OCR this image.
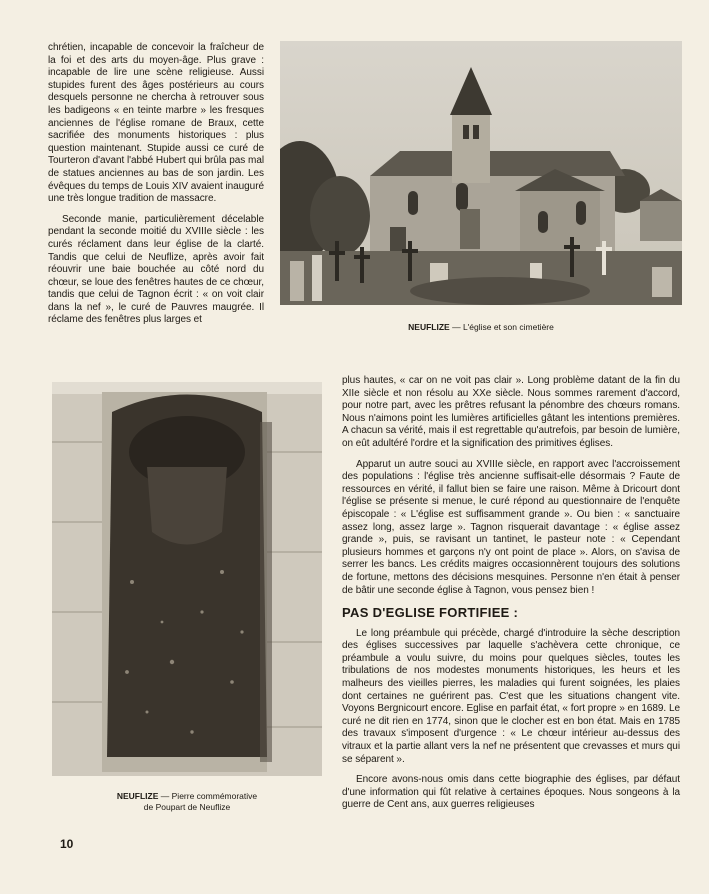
chrétien, incapable de concevoir la fraîcheur de la foi et des arts du moyen-âge. Plus grave : incapable de lire une scène religieuse. Aussi stupides furent des âges postérieurs au cours desquels personne ne chercha à retrouver sous les badigeons « en teinte marbre » les fresques anciennes de l'église romane de Braux, cette sacrifiée des monuments historiques : plus question maintenant. Stupide aussi ce curé de Tourteron d'avant l'abbé Hubert qui brûla pas mal de statues anciennes au bas de son jardin. Les évêques du temps de Louis XIV avaient inauguré une très longue tradition de massacre.

Seconde manie, particulièrement décelable pendant la seconde moitié du XVIIIe siècle : les curés réclament dans leur église de la clarté. Tandis que celui de Neuflize, après avoir fait réouvrir une baie bouchée au côté nord du chœur, se loue des fenêtres hautes de ce chœur, tandis que celui de Tagnon écrit : « on voit clair dans la nef », le curé de Pauvres maugrée. Il réclame des fenêtres plus larges et

NEUFLIZE — L'église et son cimetière
NEUFLIZE — Pierre commémorative
de Poupart de Neuflize

plus hautes, « car on ne voit pas clair ». Long problème datant de la fin du XIIe siècle et non résolu au XXe siècle. Nous sommes rarement d'accord, pour notre part, avec les prêtres refusant la pénombre des chœurs romans. Nous n'aimons point les lumières artificielles gâtant les intentions premières. A chacun sa vérité, mais il est regrettable qu'autrefois, par besoin de lumière, on eût adultéré l'ordre et la signification des primitives églises.

Apparut un autre souci au XVIIIe siècle, en rapport avec l'accroissement des populations : l'église très ancienne suffisait-elle désormais ? Faute de ressources en vérité, il fallut bien se faire une raison. Même à Dricourt dont l'église se présente si menue, le curé répond au questionnaire de l'enquête épiscopale : « L'église est suffisamment grande ». Ou bien : « sanctuaire assez long, assez large ». Tagnon risquerait davantage : « église assez grande », puis, se ravisant un tantinet, le pasteur note : « Cependant plusieurs hommes et garçons n'y ont point de place ». Alors, on s'avisa de serrer les bancs. Les crédits maigres occasionnèrent toujours des solutions de fortune, mettons des décisions mesquines. Personne n'en était à penser de bâtir une seconde église à Tagnon, vous pensez bien !

PAS D'EGLISE FORTIFIEE :

Le long préambule qui précède, chargé d'introduire la sèche description des églises successives par laquelle s'achèvera cette chronique, ce préambule a voulu suivre, du moins pour quelques siècles, toutes les tribulations de nos modestes monuments historiques, les heurs et les malheurs des vieilles pierres, les maladies qui furent soignées, les plaies dont certaines ne guérirent pas. C'est que les situations changent vite. Voyons Bergnicourt encore. Eglise en parfait état, « fort propre » en 1689. Le curé ne dit rien en 1774, sinon que le clocher est en bon état. Mais en 1785 des travaux s'imposent d'urgence : « Le chœur intérieur au-dessus des vitraux et la partie allant vers la nef ne présentent que crevasses et murs qui se séparent ».

Encore avons-nous omis dans cette biographie des églises, par défaut d'une information qui fût relative à certaines époques. Nous songeons à la guerre de Cent ans, aux guerres religieuses

10
